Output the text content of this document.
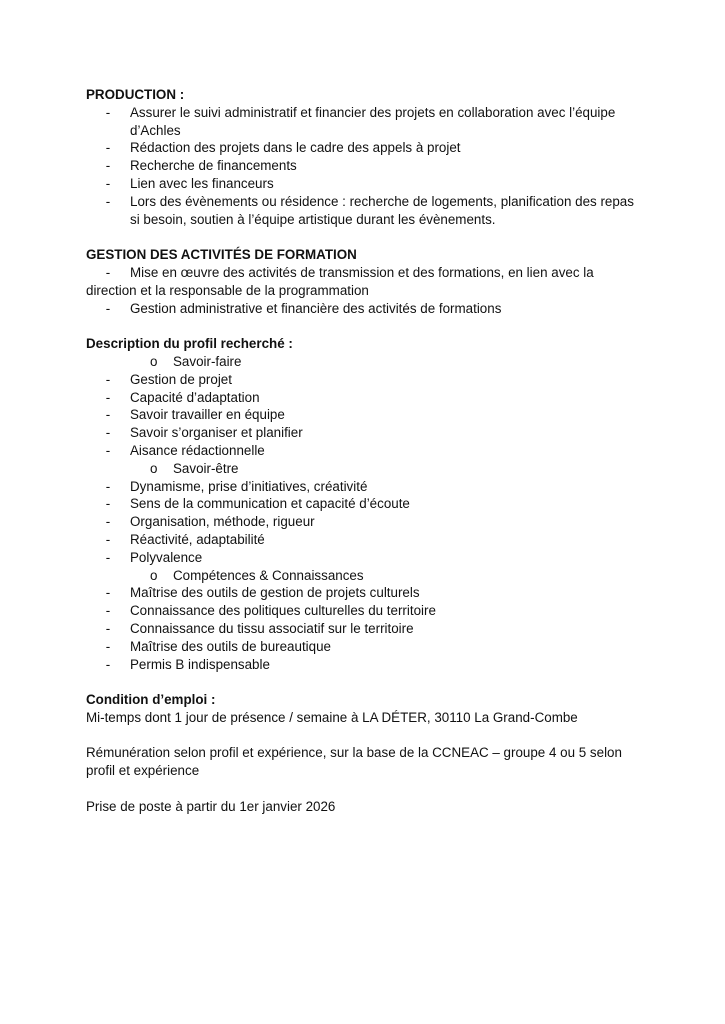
PRODUCTION :
-	Assurer le suivi administratif et financier des projets en collaboration avec l’équipe
d’Achles
-	Rédaction des projets dans le cadre des appels à projet
-	Recherche de financements
-	Lien avec les financeurs
-	Lors des évènements ou résidence : recherche de logements, planification des repas
si besoin, soutien à l’équipe artistique durant les évènements.
GESTION DES ACTIVITÉS DE FORMATION
-	Mise en œuvre des activités de transmission et des formations, en lien avec la
direction et la responsable de la programmation
-	Gestion administrative et financière des activités de formations
Description du profil recherché :
o Savoir-faire
-	Gestion de projet
-	Capacité d’adaptation
-	Savoir travailler en équipe
-	Savoir s’organiser et planifier
-	Aisance rédactionnelle
o Savoir-être
-	Dynamisme, prise d’initiatives, créativité
-	Sens de la communication et capacité d’écoute
-	Organisation, méthode, rigueur
-	Réactivité, adaptabilité
-	Polyvalence
o Compétences & Connaissances
-	Maîtrise des outils de gestion de projets culturels
-	Connaissance des politiques culturelles du territoire
-	Connaissance du tissu associatif sur le territoire
-	Maîtrise des outils de bureautique
-	Permis B indispensable
Condition d’emploi :
Mi-temps dont 1 jour de présence / semaine à LA DÉTER, 30110 La Grand-Combe
Rémunération selon profil et expérience, sur la base de la CCNEAC – groupe 4 ou 5 selon
profil et expérience
Prise de poste à partir du 1er janvier 2026
